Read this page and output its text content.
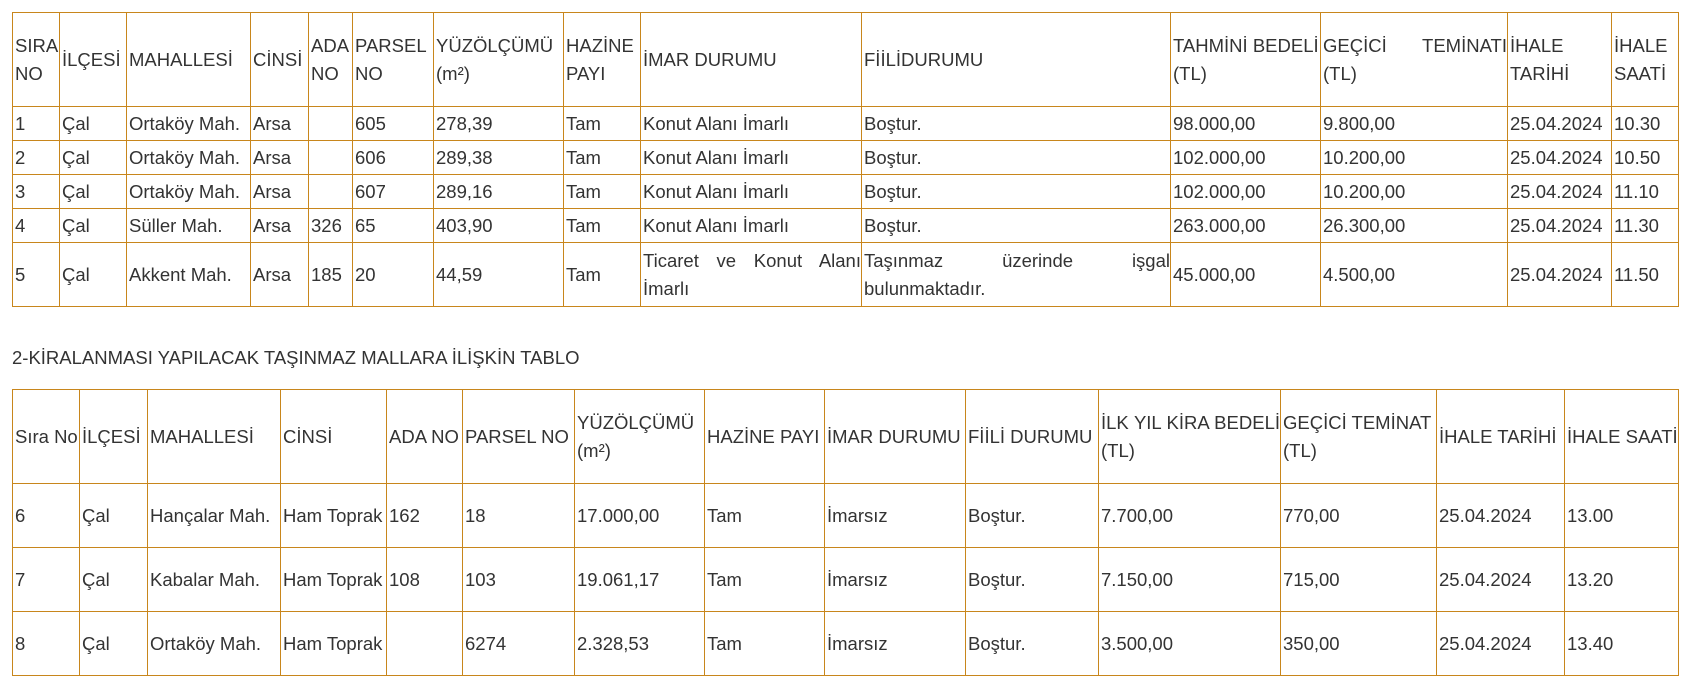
SIRA NO	İLÇESİ	MAHALLESİ	CİNSİ	ADA NO	PARSEL NO	YÜZÖLÇÜMÜ (m²)	HAZİNE PAYI	İMAR DURUMU	FİİLİDURUMU	TAHMİNİ BEDELİ (TL)	GEÇİCİ TEMİNATI (TL)	İHALE TARİHİ	İHALE SAATİ
1	Çal	Ortaköy Mah.	Arsa		605	278,39	Tam	Konut Alanı İmarlı	Boştur.	98.000,00	9.800,00	25.04.2024	10.30
2	Çal	Ortaköy Mah.	Arsa		606	289,38	Tam	Konut Alanı İmarlı	Boştur.	102.000,00	10.200,00	25.04.2024	10.50
3	Çal	Ortaköy Mah.	Arsa		607	289,16	Tam	Konut Alanı İmarlı	Boştur.	102.000,00	10.200,00	25.04.2024	11.10
4	Çal	Süller Mah.	Arsa	326	65	403,90	Tam	Konut Alanı İmarlı	Boştur.	263.000,00	26.300,00	25.04.2024	11.30
5	Çal	Akkent Mah.	Arsa	185	20	44,59	Tam	Ticaret ve Konut Alanı İmarlı	Taşınmaz üzerinde işgal bulunmaktadır.	45.000,00	4.500,00	25.04.2024	11.50
2-KİRALANMASI YAPILACAK TAŞINMAZ MALLARA İLİŞKİN TABLO
Sıra No	İLÇESİ	MAHALLESİ	CİNSİ	ADA NO	PARSEL NO	YÜZÖLÇÜMÜ (m²)	HAZİNE PAYI	İMAR DURUMU	FİİLİ DURUMU	İLK YIL KİRA BEDELİ (TL)	GEÇİCİ TEMİNAT (TL)	İHALE TARİHİ	İHALE SAATİ
6	Çal	Hançalar Mah.	Ham Toprak	162	18	17.000,00	Tam	İmarsız	Boştur.	7.700,00	770,00	25.04.2024	13.00
7	Çal	Kabalar Mah.	Ham Toprak	108	103	19.061,17	Tam	İmarsız	Boştur.	7.150,00	715,00	25.04.2024	13.20
8	Çal	Ortaköy Mah.	Ham Toprak		6274	2.328,53	Tam	İmarsız	Boştur.	3.500,00	350,00	25.04.2024	13.40
